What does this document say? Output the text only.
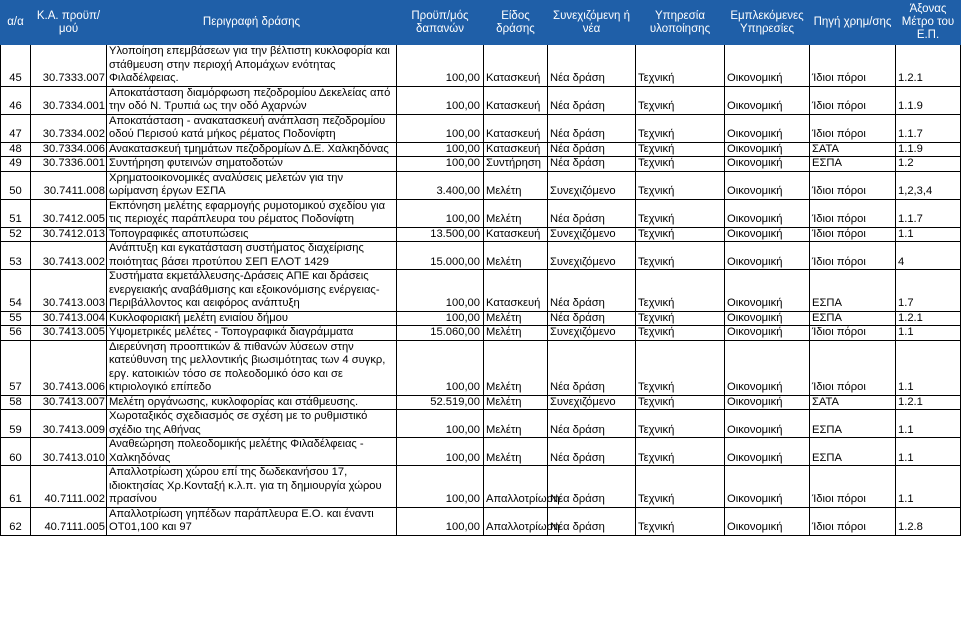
α/α	Κ.Α. προϋπ/μού	Περιγραφή δράσης	Προϋπ/μός δαπανών	Είδος δράσης	Συνεχιζόμενη ή νέα	Υπηρεσία υλοποίησης	Εμπλεκόμενες Υπηρεσίες	Πηγή χρημ/σης	Άξονας Μέτρο του Ε.Π.
45	30.7333.007	Υλοποίηση επεμβάσεων για την βέλτιστη κυκλοφορία και στάθμευση στην περιοχή Απομάχων ενότητας Φιλαδέλφειας.	100,00	Κατασκευή	Νέα δράση	Τεχνική	Οικονομική	Ίδιοι πόροι	1.2.1
46	30.7334.001	Αποκατάσταση διαμόρφωση πεζοδρομίου Δεκελείας από την οδό Ν. Τρυπιά ως την οδό Αχαρνών	100,00	Κατασκευή	Νέα δράση	Τεχνική	Οικονομική	Ίδιοι πόροι	1.1.9
47	30.7334.002	Αποκατάσταση - ανακατασκευή ανάπλαση πεζοδρομίου οδού Περισού κατά μήκος ρέματος Ποδονίφτη	100,00	Κατασκευή	Νέα δράση	Τεχνική	Οικονομική	Ίδιοι πόροι	1.1.7
48	30.7334.006	Ανακατασκευή τμημάτων πεζοδρομίων Δ.Ε. Χαλκηδόνας	100,00	Κατασκευή	Νέα δράση	Τεχνική	Οικονομική	ΣΑΤΑ	1.1.9
49	30.7336.001	Συντήρηση φυτεινών σηματοδοτών	100,00	Συντήρηση	Νέα δράση	Τεχνική	Οικονομική	ΕΣΠΑ	1.2
50	30.7411.008	Χρηματοοικονομικές αναλύσεις μελετών για την ωρίμανση έργων ΕΣΠΑ	3.400,00	Μελέτη	Συνεχιζόμενο	Τεχνική	Οικονομική	Ίδιοι πόροι	1,2,3,4
51	30.7412.005	Εκπόνηση μελέτης εφαρμογής ρυμοτομικού σχεδίου για τις περιοχές παράπλευρα του ρέματος Ποδονίφτη	100,00	Μελέτη	Νέα δράση	Τεχνική	Οικονομική	Ίδιοι πόροι	1.1.7
52	30.7412.013	Τοπογραφικές αποτυπώσεις	13.500,00	Κατασκευή	Συνεχιζόμενο	Τεχνική	Οικονομική	Ίδιοι πόροι	1.1
53	30.7413.002	Ανάπτυξη και εγκατάσταση συστήματος διαχείρισης ποιότητας βάσει προτύπου ΣΕΠ ΕΛΟΤ 1429	15.000,00	Μελέτη	Συνεχιζόμενο	Τεχνική	Οικονομική	Ίδιοι πόροι	4
54	30.7413.003	Συστήματα εκμετάλλευσης-Δράσεις ΑΠΕ και δράσεις ενεργειακής αναβάθμισης και εξοικονόμισης ενέργειας-Περιβάλλοντος και αειφόρος ανάπτυξη	100,00	Κατασκευή	Νέα δράση	Τεχνική	Οικονομική	ΕΣΠΑ	1.7
55	30.7413.004	Κυκλοφοριακή μελέτη ενιαίου δήμου	100,00	Μελέτη	Νέα δράση	Τεχνική	Οικονομική	ΕΣΠΑ	1.2.1
56	30.7413.005	Υψομετρικές μελέτες - Τοπογραφικά διαγράμματα	15.060,00	Μελέτη	Συνεχιζόμενο	Τεχνική	Οικονομική	Ίδιοι πόροι	1.1
57	30.7413.006	Διερεύνηση προοπτικών & πιθανών λύσεων στην κατεύθυνση της μελλοντικής βιωσιμότητας των 4 συγκρ, εργ. κατοικιών τόσο σε πολεοδομικό όσο και σε κτιριολογικό επίπεδο	100,00	Μελέτη	Νέα δράση	Τεχνική	Οικονομική	Ίδιοι πόροι	1.1
58	30.7413.007	Μελέτη οργάνωσης, κυκλοφορίας και στάθμευσης.	52.519,00	Μελέτη	Συνεχιζόμενο	Τεχνική	Οικονομική	ΣΑΤΑ	1.2.1
59	30.7413.009	Χωροταξικός σχεδιασμός σε σχέση με το ρυθμιστικό σχέδιο της Αθήνας	100,00	Μελέτη	Νέα δράση	Τεχνική	Οικονομική	ΕΣΠΑ	1.1
60	30.7413.010	Αναθεώρηση πολεοδομικής μελέτης Φιλαδέλφειας - Χαλκηδόνας	100,00	Μελέτη	Νέα δράση	Τεχνική	Οικονομική	ΕΣΠΑ	1.1
61	40.7111.002	Απαλλοτρίωση χώρου επί της δωδεκανήσου 17, ιδιοκτησίας Χρ.Κονταξή κ.λ.π. για τη δημιουργία χώρου πρασίνου	100,00	Απαλλοτρίωση	Νέα δράση	Τεχνική	Οικονομική	Ίδιοι πόροι	1.1
62	40.7111.005	Απαλλοτρίωση γηπέδων παράπλευρα Ε.Ο. και έναντι ΟΤ01,100 και 97	100,00	Απαλλοτρίωση	Νέα δράση	Τεχνική	Οικονομική	Ίδιοι πόροι	1.2.8
